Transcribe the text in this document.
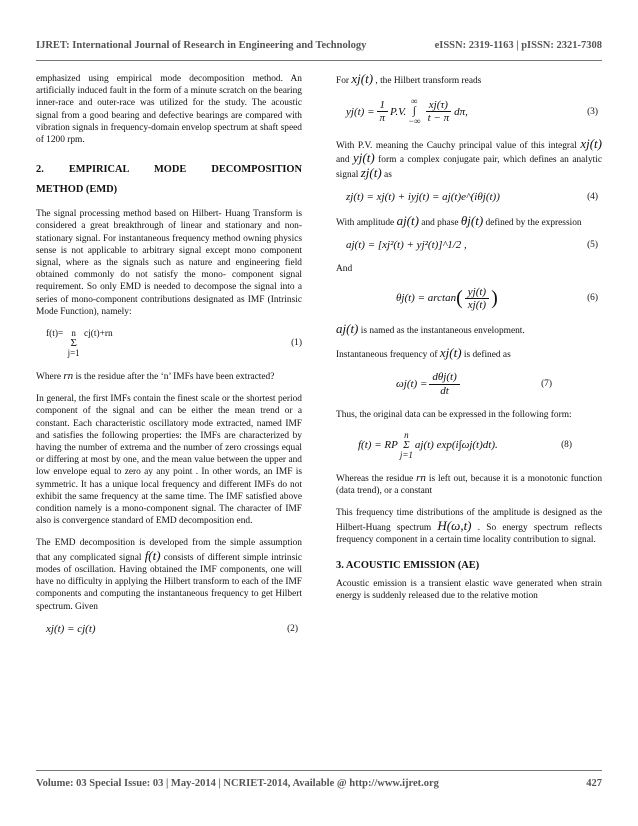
IJRET: International Journal of Research in Engineering and Technology	eISSN: 2319-1163 | pISSN: 2321-7308

emphasized using empirical mode decomposition method. An artificially induced fault in the form of a minute scratch on the bearing inner-race and outer-race was utilized for the study. The acoustic signal from a good bearing and defective bearings are compared with vibration signals in frequency-domain envelop spectrum at shaft speed of 1200 rpm.

2. EMPIRICAL MODE DECOMPOSITION
METHOD (EMD)

The signal processing method based on Hilbert- Huang Transform is considered a great breakthrough of linear and stationary and non- stationary signal. For instantaneous frequency method owning physics sense is not applicable to arbitrary signal except mono component signal, where as the signals such as nature and engineering field obtained commonly do not satisfy the mono- component signal requirement. So only EMD is needed to decompose the signal into a series of mono-component contributions designated as IMF (Intrinsic Mode Function), namely:

f(t)= n
Σ
j=1
cj(t)+rn
(1)

Where rn is the residue after the ‘n’ IMFs have been extracted?

In general, the first IMFs contain the finest scale or the shortest period component of the signal and can be either the mean trend or a constant. Each characteristic oscillatory mode extracted, named IMF and satisfies the following properties: the IMFs are characterized by having the number of extrema and the number of zero crossings equal or differing at most by one, and the mean value between the upper and low envelope equal to zero ay any point . In other words, an IMF is symmetric. It has a unique local frequency and different IMFs do not exhibit the same frequency at the same time. The IMF satisfied above condition namely is a mono-component signal. The character of IMF also is convergence standard of EMD decomposition end.

The EMD decomposition is developed from the simple assumption that any complicated signal f(t) consists of different simple intrinsic modes of oscillation. Having obtained the IMF components, one will have no difficulty in applying the Hilbert transform to each of the IMF components and computing the instantaneous frequency to get Hilbert spectrum. Given

xj(t) = cj(t)	(2)

For xj(t) , the Hilbert transform reads

$yj(t) = \frac{1}{\pi} P.V$.
∞
∫
−∞ $\frac{xj(\tau)}{t - \pi} d\pi$,	(3)

With P.V. meaning the Cauchy principal value of this integral xj(t) and yj(t) form a complex conjugate pair, which defines an analytic signal zj(t) as

zj(t) = xj(t) + iyj(t) = aj(t)e^(iθj(t))	(4)

With amplitude aj(t) and phase θj(t) defined by the expression

aj(t) = [xj²(t) + yj²(t)]^1/2 ,	(5)

And

θj(t) = arctan ( $\frac{yj(t)}{xj(t)}$ )	(6)

aj(t) is named as the instantaneous envelopment.

Instantaneous frequency of xj(t) is defined as

$\omega j(t) = \frac{\text{dθj(t)}}{dt}$	(7)

Thus, the original data can be expressed in the following form:

f(t) = RP
n
Σ
j=1
aj(t) exp(i∫ωj(t)dt).	(8)

Whereas the residue rn is left out, because it is a monotonic function (data trend), or a constant

This frequency time distributions of the amplitude is designed as the Hilbert-Huang spectrum H(ω,t) . So energy spectrum reflects frequency component in a certain time locality contribution to signal.

3. ACOUSTIC EMISSION (AE)

Acoustic emission is a transient elastic wave generated when strain energy is suddenly released due to the relative motion

Volume: 03 Special Issue: 03 | May-2014 | NCRIET-2014, Available @ http://www.ijret.org	427
